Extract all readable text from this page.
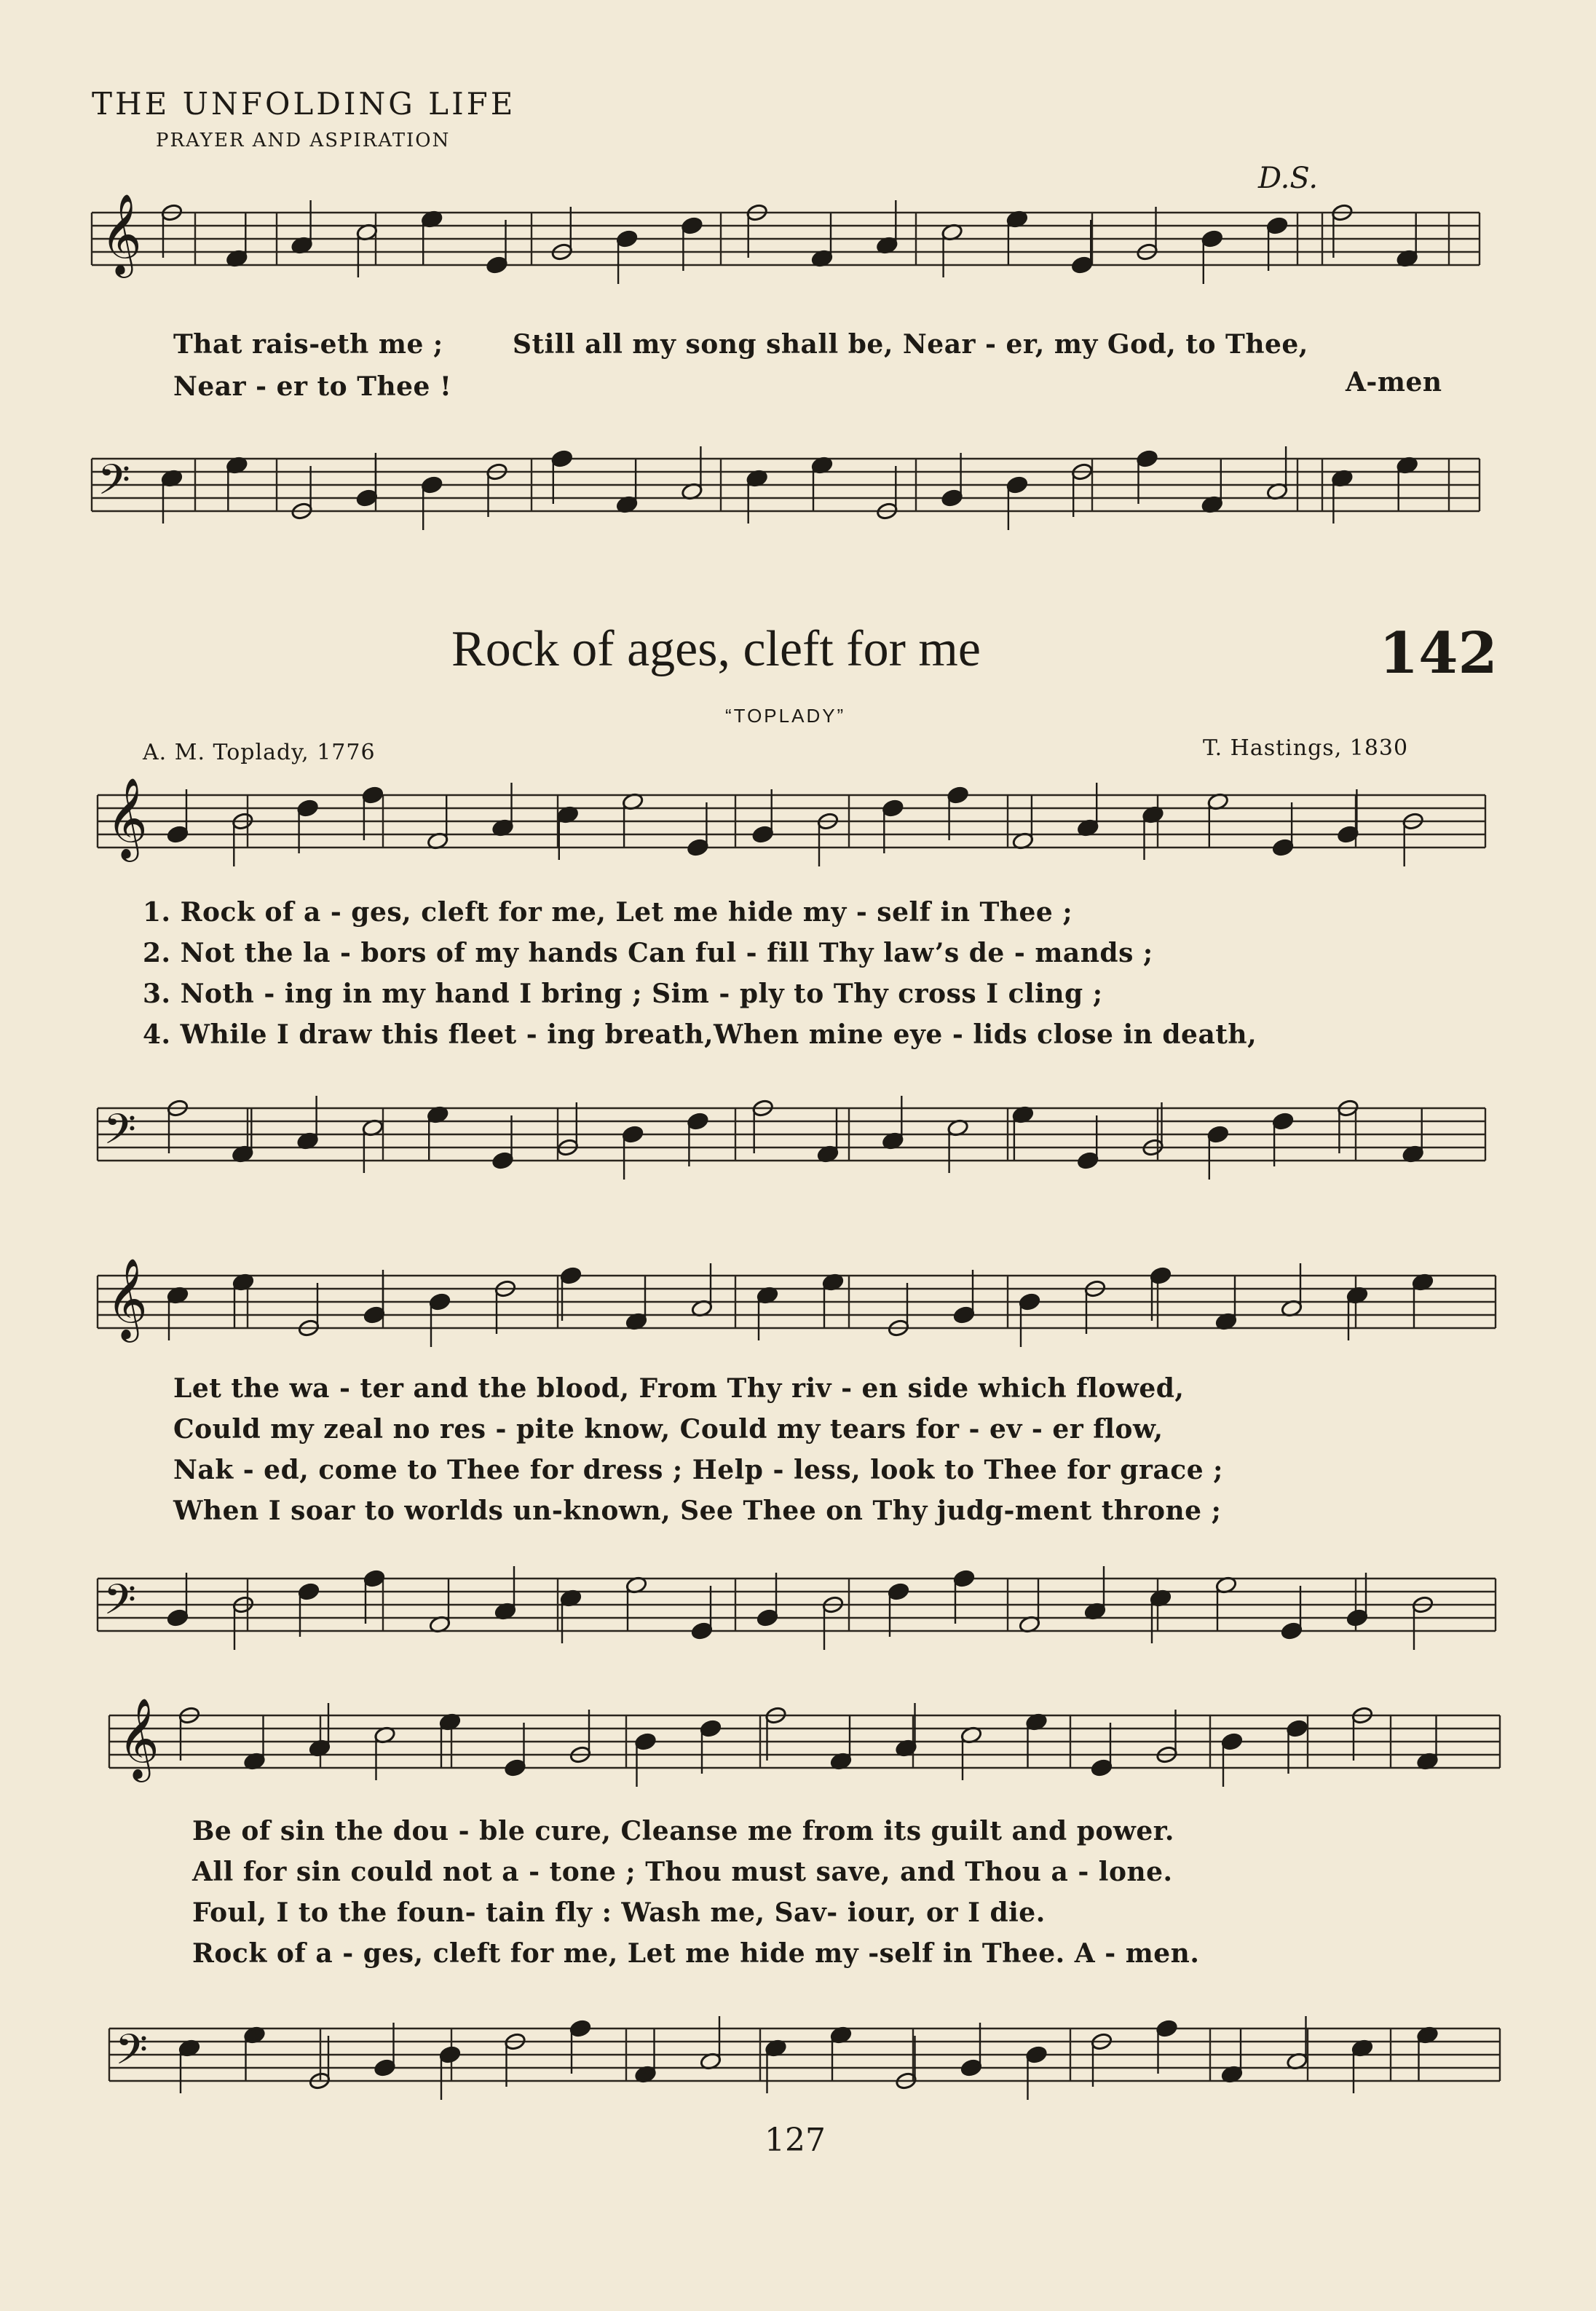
THE UNFOLDING LIFE
PRAYER AND ASPIRATION
D.S.
𝄞
𝄢
𝄞
𝄢
𝄞
𝄢
𝄞
𝄢
That rais-eth me ;	Still all my song shall be, Near - er, my God, to Thee,
Near - er to Thee !	A-men
Rock of ages, cleft for me	142
“TOPLADY”
A. M. Toplady, 1776	T. Hastings, 1830
1. Rock of a - ges, cleft for me, Let me hide my - self in Thee ;
2. Not the la - bors of my hands Can ful - fill Thy law’s de - mands ;
3. Noth - ing in my hand I bring ; Sim - ply to Thy cross I cling ;
4. While I draw this fleet - ing breath,When mine eye - lids close in death,
Let the wa - ter and the blood, From Thy riv - en side which flowed,
Could my zeal no res - pite know, Could my tears for - ev - er flow,
Nak - ed, come to Thee for dress ; Help - less, look to Thee for grace ;
When I soar to worlds un-known, See Thee on Thy judg-ment throne ;
Be of sin the dou - ble cure, Cleanse me from its guilt and power.
All for sin could not a - tone ; Thou must save, and Thou a - lone.
Foul, I to the foun- tain fly : Wash me, Sav- iour, or I die.
Rock of a - ges, cleft for me, Let me hide my -self in Thee. A - men.
127
